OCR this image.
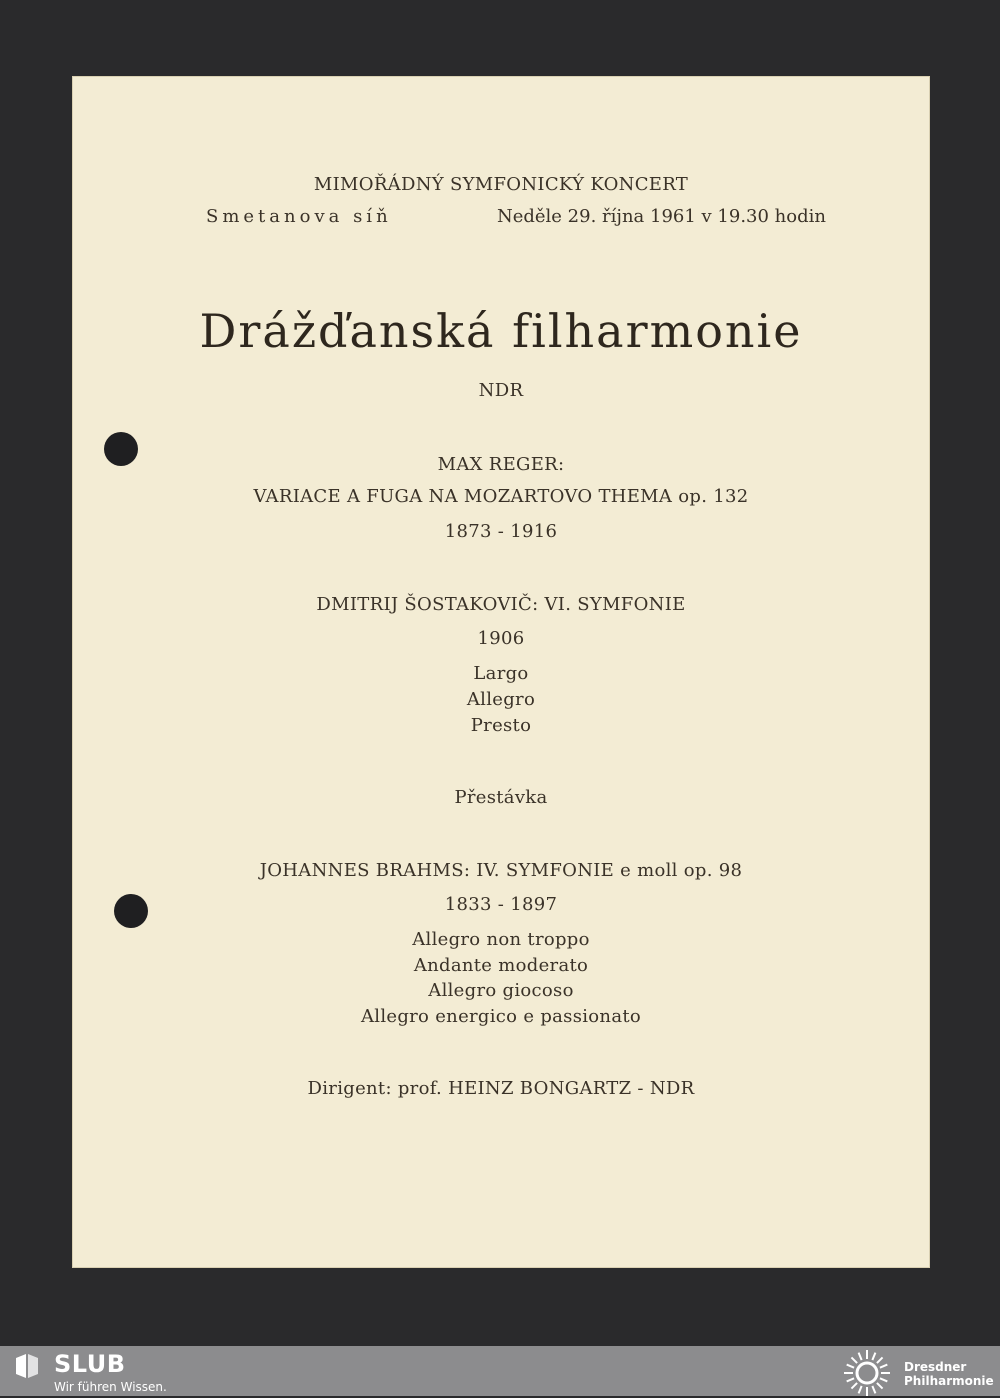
MIMOŘÁDNÝ SYMFONICKÝ KONCERT
Smetanova síň	Neděle 29. října 1961 v 19.30 hodin
Drážďanská filharmonie
NDR
MAX REGER:
VARIACE A FUGA NA MOZARTOVO THEMA op. 132
1873 - 1916
DMITRIJ ŠOSTAKOVIČ: VI. SYMFONIE
1906
Largo
Allegro
Presto
Přestávka
JOHANNES BRAHMS: IV. SYMFONIE e moll op. 98
1833 - 1897
Allegro non troppo
Andante moderato
Allegro giocoso
Allegro energico e passionato
Dirigent: prof. HEINZ BONGARTZ - NDR
SLUB
Wir führen Wissen.
Dresdner
Philharmonie
